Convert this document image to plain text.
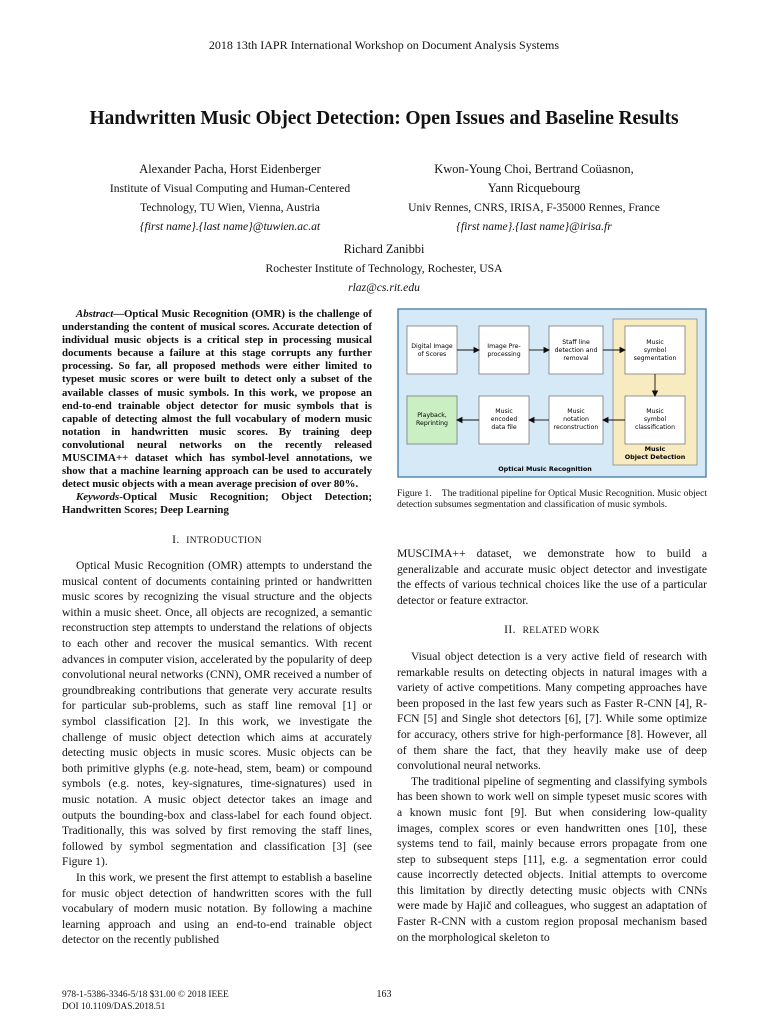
2018 13th IAPR International Workshop on Document Analysis Systems
Handwritten Music Object Detection: Open Issues and Baseline Results
Alexander Pacha, Horst Eidenberger
Institute of Visual Computing and Human-Centered
Technology, TU Wien, Vienna, Austria
{first name}.{last name}@tuwien.ac.at
Kwon-Young Choi, Bertrand Coüasnon,
Yann Ricquebourg
Univ Rennes, CNRS, IRISA, F-35000 Rennes, France
{first name}.{last name}@irisa.fr
Richard Zanibbi
Rochester Institute of Technology, Rochester, USA
rlaz@cs.rit.edu

Abstract—Optical Music Recognition (OMR) is the challenge of understanding the content of musical scores. Accurate detection of individual music objects is a critical step in processing musical documents because a failure at this stage corrupts any further processing. So far, all proposed methods were either limited to typeset music scores or were built to detect only a subset of the available classes of music symbols. In this work, we propose an end-to-end trainable object detector for music symbols that is capable of detecting almost the full vocabulary of modern music notation in handwritten music scores. By training deep convolutional neural networks on the recently released MUSCIMA++ dataset which has symbol-level annotations, we show that a machine learning approach can be used to accurately detect music objects with a mean average precision of over 80%.

Keywords-Optical Music Recognition; Object Detection; Handwritten Scores; Deep Learning

I. INTRODUCTION

Optical Music Recognition (OMR) attempts to understand the musical content of documents containing printed or handwritten music scores by recognizing the visual structure and the objects within a music sheet. Once, all objects are recognized, a semantic reconstruction step attempts to understand the relations of objects to each other and recover the musical semantics. With recent advances in computer vision, accelerated by the popularity of deep convolutional neural networks (CNN), OMR received a number of groundbreaking contributions that generate very accurate results for particular sub-problems, such as staff line removal [1] or symbol classification [2]. In this work, we investigate the challenge of music object detection which aims at accurately detecting music objects in music scores. Music objects can be both primitive glyphs (e.g. note-head, stem, beam) or compound symbols (e.g. notes, key-signatures, time-signatures) used in music notation. A music object detector takes an image and outputs the bounding-box and class-label for each found object. Traditionally, this was solved by first removing the staff lines, followed by symbol segmentation and classification [3] (see Figure 1).

In this work, we present the first attempt to establish a baseline for music object detection of handwritten scores with the full vocabulary of modern music notation. By following a machine learning approach and using an end-to-end trainable object detector on the recently published

Digital Image
of Scores
Image Pre-
processing
Staff line
detection and
removal
Music
symbol
segmentation
Playback,
Reprinting
Music
encoded
data file
Music
notation
reconstruction
Music
symbol
classification
Music
Object Detection
Optical Music Recognition
Figure 1. The traditional pipeline for Optical Music Recognition. Music object detection subsumes segmentation and classification of music symbols.

MUSCIMA++ dataset, we demonstrate how to build a generalizable and accurate music object detector and investigate the effects of various technical choices like the use of a particular detector or feature extractor.

II. RELATED WORK

Visual object detection is a very active field of research with remarkable results on detecting objects in natural images with a variety of active competitions. Many competing approaches have been proposed in the last few years such as Faster R-CNN [4], R-FCN [5] and Single shot detectors [6], [7]. While some optimize for accuracy, others strive for high-performance [8]. However, all of them share the fact, that they heavily make use of deep convolutional neural networks.

The traditional pipeline of segmenting and classifying symbols has been shown to work well on simple typeset music scores with a known music font [9]. But when considering low-quality images, complex scores or even handwritten ones [10], these systems tend to fail, mainly because errors propagate from one step to subsequent steps [11], e.g. a segmentation error could cause incorrectly detected objects. Initial attempts to overcome this limitation by directly detecting music objects with CNNs were made by Hajič and colleagues, who suggest an adaptation of Faster R-CNN with a custom region proposal mechanism based on the morphological skeleton to

978-1-5386-3346-5/18 $31.00 © 2018 IEEE
DOI 10.1109/DAS.2018.51
163
